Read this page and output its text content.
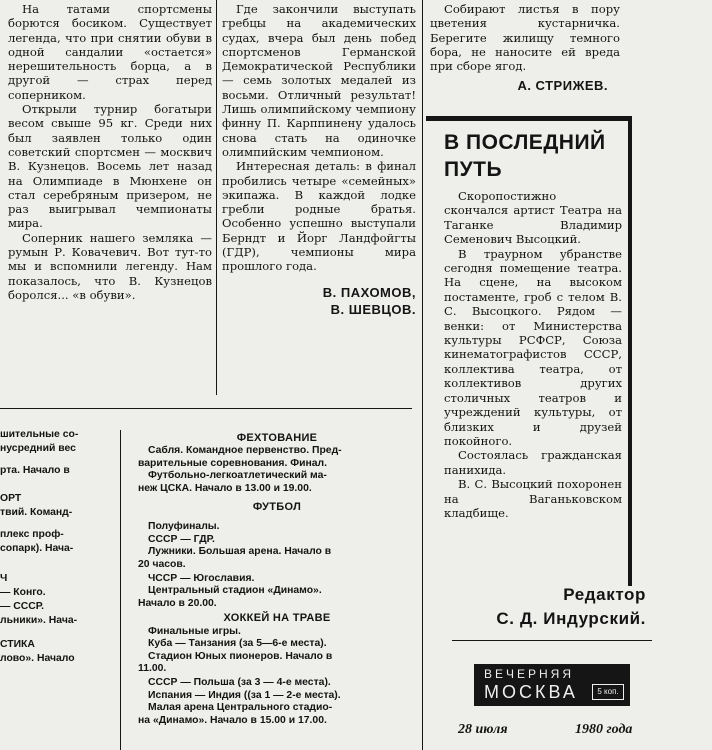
На татами спортсмены борются босиком. Существует легенда, что при снятии обуви в одной сандалии «остается» нерешительность борца, а в другой — страх перед соперником.

Открыли турнир богатыри весом свыше 95 кг. Среди них был заявлен только один советский спортсмен — москвич В. Кузнецов. Восемь лет назад на Олимпиаде в Мюнхене он стал серебряным призером, не раз выигрывал чемпионаты мира.

Соперник нашего земляка — румын Р. Ковачевич. Вот тут-то мы и вспомнили легенду. Нам показалось, что В. Кузнецов боролся... «в обуви».

Где закончили выступать гребцы на академических судах, вчера был день побед спортсменов Германской Демократической Республики — семь золотых медалей из восьми. Отличный результат! Лишь олимпийскому чемпиону финну П. Карппинену удалось снова стать на одиночке олимпийским чемпионом.

Интересная деталь: в финал пробились четыре «семейных» экипажа. В каждой лодке гребли родные братья. Особенно успешно выступали Берндт и Йорг Ландфойгты (ГДР), чемпионы мира прошлого года.

В. ПАХОМОВ,
В. ШЕВЦОВ.

Собирают листья в пору цветения кустарничка. Берегите жилищу темного бора, не наносите ей вреда при сборе ягод.

А. СТРИЖЕВ.
В ПОСЛЕДНИЙ
ПУТЬ

Скоропостижно скончался артист Театра на Таганке Владимир Семенович Высоцкий.

В траурном убранстве сегодня помещение театра. На сцене, на высоком постаменте, гроб с телом В. С. Высоцкого. Рядом — венки: от Министерства культуры РСФСР, Союза кинематографистов СССР, коллектива театра, от коллективов других столичных театров и учреждений культуры, от близких и друзей покойного.

Состоялась гражданская панихида.

В. С. Высоцкий похоронен на Ваганьковском кладбище.

Редактор
С. Д. Индурский.
ВЕЧЕРНЯЯ
МОСКВА	5 коп.
28 июля	1980 года
шительные со-
нусредний вес
рта. Начало в
ОРТ
твий. Команд-
плекс проф-
сопарк). Нача-
Ч
— Конго.
— СССР.
льники». Нача-
СТИКА
лово». Начало
ФЕХТОВАНИЕ
Сабля. Командное первенство. Пред-
варительные соревнования. Финал.
Футбольно-легкоатлетический ма-
неж ЦСКА. Начало в 13.00 и 19.00.
ФУТБОЛ
Полуфиналы.
СССР — ГДР.
Лужники. Большая арена. Начало в
20 часов.
ЧССР — Югославия.
Центральный стадион «Динамо».
Начало в 20.00.
ХОККЕЙ НА ТРАВЕ
Финальные игры.
Куба — Танзания (за 5—6-е места).
Стадион Юных пионеров. Начало в
11.00.
СССР — Польша (за 3 — 4-е места).
Испания — Индия ((за 1 — 2-е места).
Малая арена Центрального стадио-
на «Динамо». Начало в 15.00 и 17.00.
